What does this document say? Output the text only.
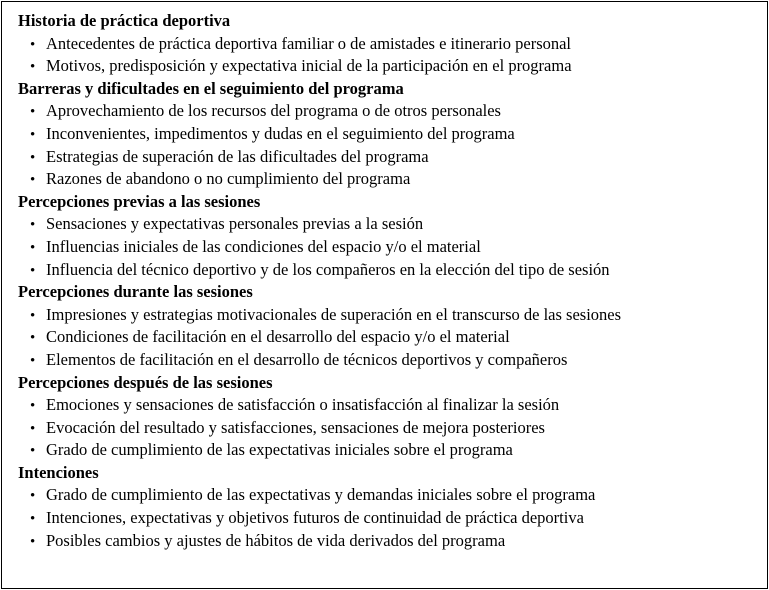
Historia de práctica deportiva
• Antecedentes de práctica deportiva familiar o de amistades e itinerario personal
• Motivos, predisposición y expectativa inicial de la participación en el programa
Barreras y dificultades en el seguimiento del programa
• Aprovechamiento de los recursos del programa o de otros personales
• Inconvenientes, impedimentos y dudas en el seguimiento del programa
• Estrategias de superación de las dificultades del programa
• Razones de abandono o no cumplimiento del programa
Percepciones previas a las sesiones
• Sensaciones y expectativas personales previas a la sesión
• Influencias iniciales de las condiciones del espacio y/o el material
• Influencia del técnico deportivo y de los compañeros en la elección del tipo de sesión
Percepciones durante las sesiones
• Impresiones y estrategias motivacionales de superación en el transcurso de las sesiones
• Condiciones de facilitación en el desarrollo del espacio y/o el material
• Elementos de facilitación en el desarrollo de técnicos deportivos y compañeros
Percepciones después de las sesiones
• Emociones y sensaciones de satisfacción o insatisfacción al finalizar la sesión
• Evocación del resultado y satisfacciones, sensaciones de mejora posteriores
• Grado de cumplimiento de las expectativas iniciales sobre el programa
Intenciones
• Grado de cumplimiento de las expectativas y demandas iniciales sobre el programa
• Intenciones, expectativas y objetivos futuros de continuidad de práctica deportiva
• Posibles cambios y ajustes de hábitos de vida derivados del programa
